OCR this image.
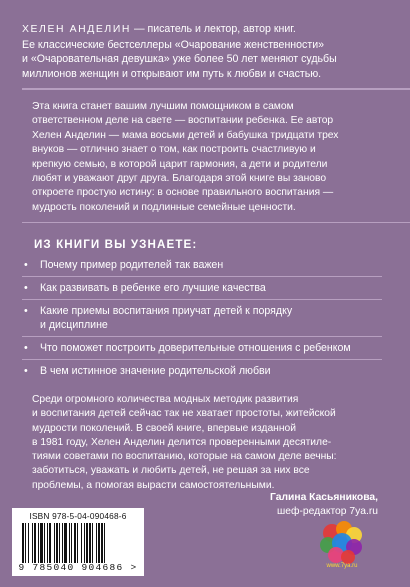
ХЕЛЕН АНДЕЛИН — писатель и лектор, автор книг.
Ее классические бестселлеры «Очарование женственности»
и «Очаровательная девушка» уже более 50 лет меняют судьбы
миллионов женщин и открывают им путь к любви и счастью.
Эта книга станет вашим лучшим помощником в самом
ответственном деле на свете — воспитании ребенка. Ее автор
Хелен Анделин — мама восьми детей и бабушка тридцати трех
внуков — отлично знает о том, как построить счастливую и
крепкую семью, в которой царит гармония, а дети и родители
любят и уважают друг друга. Благодаря этой книге вы заново
откроете простую истину: в основе правильного воспитания —
мудрость поколений и подлинные семейные ценности.
ИЗ КНИГИ ВЫ УЗНАЕТЕ:
•	Почему пример родителей так важен
•	Как развивать в ребенке его лучшие качества
•	Какие приемы воспитания приучат детей к порядку
и дисциплине
•	Что поможет построить доверительные отношения с ребенком
•	В чем истинное значение родительской любви
Среди огромного количества модных методик развития
и воспитания детей сейчас так не хватает простоты, житейской
мудрости поколений. В своей книге, впервые изданной
в 1981 году, Хелен Анделин делится проверенными десятиле-
тиями советами по воспитанию, которые на самом деле вечны:
заботиться, уважать и любить детей, не решая за них все
проблемы, а помогая вырасти самостоятельными.
Галина Касьяникова,
шеф-редактор 7ya.ru
ISBN 978-5-04-090468-6
9 785040 904686 >	www.7ya.ru
